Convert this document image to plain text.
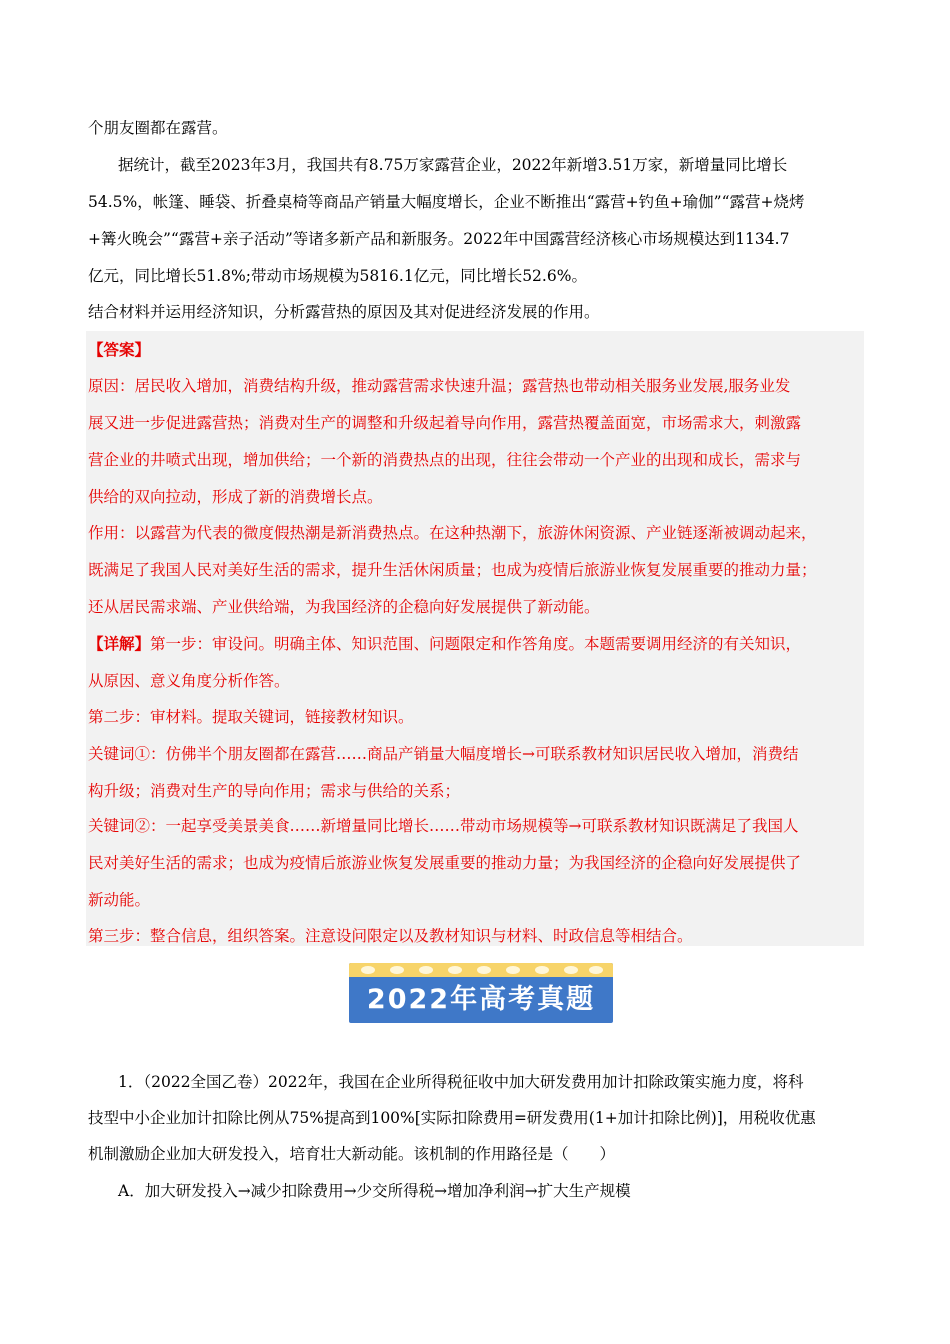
个朋友圈都在露营。
据统计，截至2023年3月，我国共有8.75万家露营企业，2022年新增3.51万家，新增量同比增长
54.5%，帐篷、睡袋、折叠桌椅等商品产销量大幅度增长，企业不断推出“露营+钓鱼+瑜伽”“露营+烧烤
+篝火晚会”“露营+亲子活动”等诸多新产品和新服务。2022年中国露营经济核心市场规模达到1134.7
亿元，同比增长51.8%;带动市场规模为5816.1亿元，同比增长52.6%。
结合材料并运用经济知识，分析露营热的原因及其对促进经济发展的作用。
【答案】
原因：居民收入增加，消费结构升级，推动露营需求快速升温；露营热也带动相关服务业发展,服务业发
展又进一步促进露营热；消费对生产的调整和升级起着导向作用，露营热覆盖面宽，市场需求大，刺激露
营企业的井喷式出现，增加供给；一个新的消费热点的出现，往往会带动一个产业的出现和成长，需求与
供给的双向拉动，形成了新的消费增长点。
作用：以露营为代表的微度假热潮是新消费热点。在这种热潮下，旅游休闲资源、产业链逐渐被调动起来，
既满足了我国人民对美好生活的需求，提升生活休闲质量；也成为疫情后旅游业恢复发展重要的推动力量；
还从居民需求端、产业供给端，为我国经济的企稳向好发展提供了新动能。
【详解】第一步：审设问。明确主体、知识范围、问题限定和作答角度。本题需要调用经济的有关知识，
从原因、意义角度分析作答。
第二步：审材料。提取关键词，链接教材知识。
关键词①：仿佛半个朋友圈都在露营……商品产销量大幅度增长→可联系教材知识居民收入增加，消费结
构升级；消费对生产的导向作用；需求与供给的关系；
关键词②：一起享受美景美食……新增量同比增长……带动市场规模等→可联系教材知识既满足了我国人
民对美好生活的需求；也成为疫情后旅游业恢复发展重要的推动力量；为我国经济的企稳向好发展提供了
新动能。
第三步：整合信息，组织答案。注意设问限定以及教材知识与材料、时政信息等相结合。
2022年高考真题
1．（2022全国乙卷）2022年，我国在企业所得税征收中加大研发费用加计扣除政策实施力度，将科
技型中小企业加计扣除比例从75%提高到100%[实际扣除费用=研发费用(1+加计扣除比例)]，用税收优惠
机制激励企业加大研发投入，培育壮大新动能。该机制的作用路径是（　　）
A．加大研发投入→减少扣除费用→少交所得税→增加净利润→扩大生产规模
